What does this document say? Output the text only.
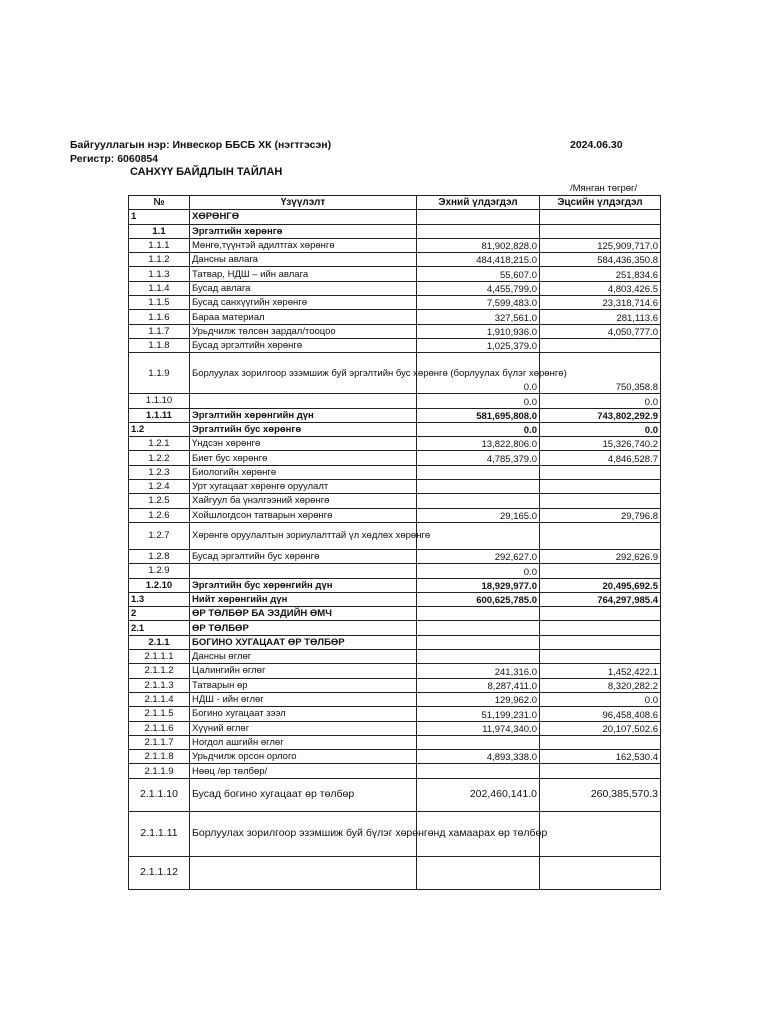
Байгууллагын нэр: Инвескор ББСБ ХК (нэгтгэсэн)	2024.06.30
Регистр: 6060854
САНХҮҮ БАЙДЛЫН ТАЙЛАН
/Мянган төгрөг/
№	Үзүүлэлт	Эхний үлдэгдэл	Эцсийн үлдэгдэл
1	ХӨРӨНГӨ		
1.1	Эргэлтийн хөрөнгө		
1.1.1	Мөнгө,түүнтэй адилтгах хөрөнгө	81,902,828.0	125,909,717.0
1.1.2	Дансны авлага	484,418,215.0	584,436,350.8
1.1.3	Татвар, НДШ – ийн авлага	55,607.0	251,834.6
1.1.4	Бусад авлага	4,455,799.0	4,803,426.5
1.1.5	Бусад санхүүгийн хөрөнгө	7,599,483.0	23,318,714.6
1.1.6	Бараа материал	327,561.0	281,113.6
1.1.7	Урьдчилж төлсөн зардал/тооцоо	1,910,936.0	4,050,777.0
1.1.8	Бусад эргэлтийн хөрөнгө	1,025,379.0	
1.1.9	Борлуулах зорилгоор эзэмшиж буй эргэлтийн бус хөрөнгө (борлуулах бүлэг хөрөнгө)	0.0	750,358.8
1.1.10		0.0	0.0
1.1.11	Эргэлтийн хөрөнгийн дүн	581,695,808.0	743,802,292.9
1.2	Эргэлтийн бус хөрөнгө	0.0	0.0
1.2.1	Үндсэн хөрөнгө	13,822,806.0	15,326,740.2
1.2.2	Биет бус хөрөнгө	4,785,379.0	4,846,528.7
1.2.3	Биологийн хөрөнгө		
1.2.4	Урт хугацаат хөрөнгө оруулалт		
1.2.5	Хайгуул ба үнэлгээний хөрөнгө		
1.2.6	Хойшлогдсон татварын хөрөнгө	29,165.0	29,796.8
1.2.7	Хөрөнгө оруулалтын зориулалттай үл хөдлөх хөрөнгө		
1.2.8	Бусад эргэлтийн бус хөрөнгө	292,627.0	292,626.9
1.2.9		0.0	
1.2.10	Эргэлтийн бус хөрөнгийн дүн	18,929,977.0	20,495,692.5
1.3	Нийт хөрөнгийн дүн	600,625,785.0	764,297,985.4
2	ӨР ТӨЛБӨР БА ЭЗДИЙН ӨМЧ		
2.1	ӨР ТӨЛБӨР		
2.1.1	БОГИНО ХУГАЦААТ ӨР ТӨЛБӨР		
2.1.1.1	Дансны өглөг		
2.1.1.2	Цалингийн өглөг	241,316.0	1,452,422.1
2.1.1.3	Татварын өр	8,287,411.0	8,320,282.2
2.1.1.4	НДШ - ийн өглөг	129,962.0	0.0
2.1.1.5	Богино хугацаат зээл	51,199,231.0	96,458,408.6
2.1.1.6	Хүүний өглөг	11,974,340.0	20,107,502.6
2.1.1.7	Ногдол ашгийн өглөг		
2.1.1.8	Урьдчилж орсон орлого	4,893,338.0	162,530.4
2.1.1.9	Нөөц /өр төлбөр/		
2.1.1.10	Бусад богино хугацаат өр төлбөр	202,460,141.0	260,385,570.3
2.1.1.11	Борлуулах зорилгоор эзэмшиж буй бүлэг хөрөнгөнд хамаарах өр төлбөр		
2.1.1.12			
